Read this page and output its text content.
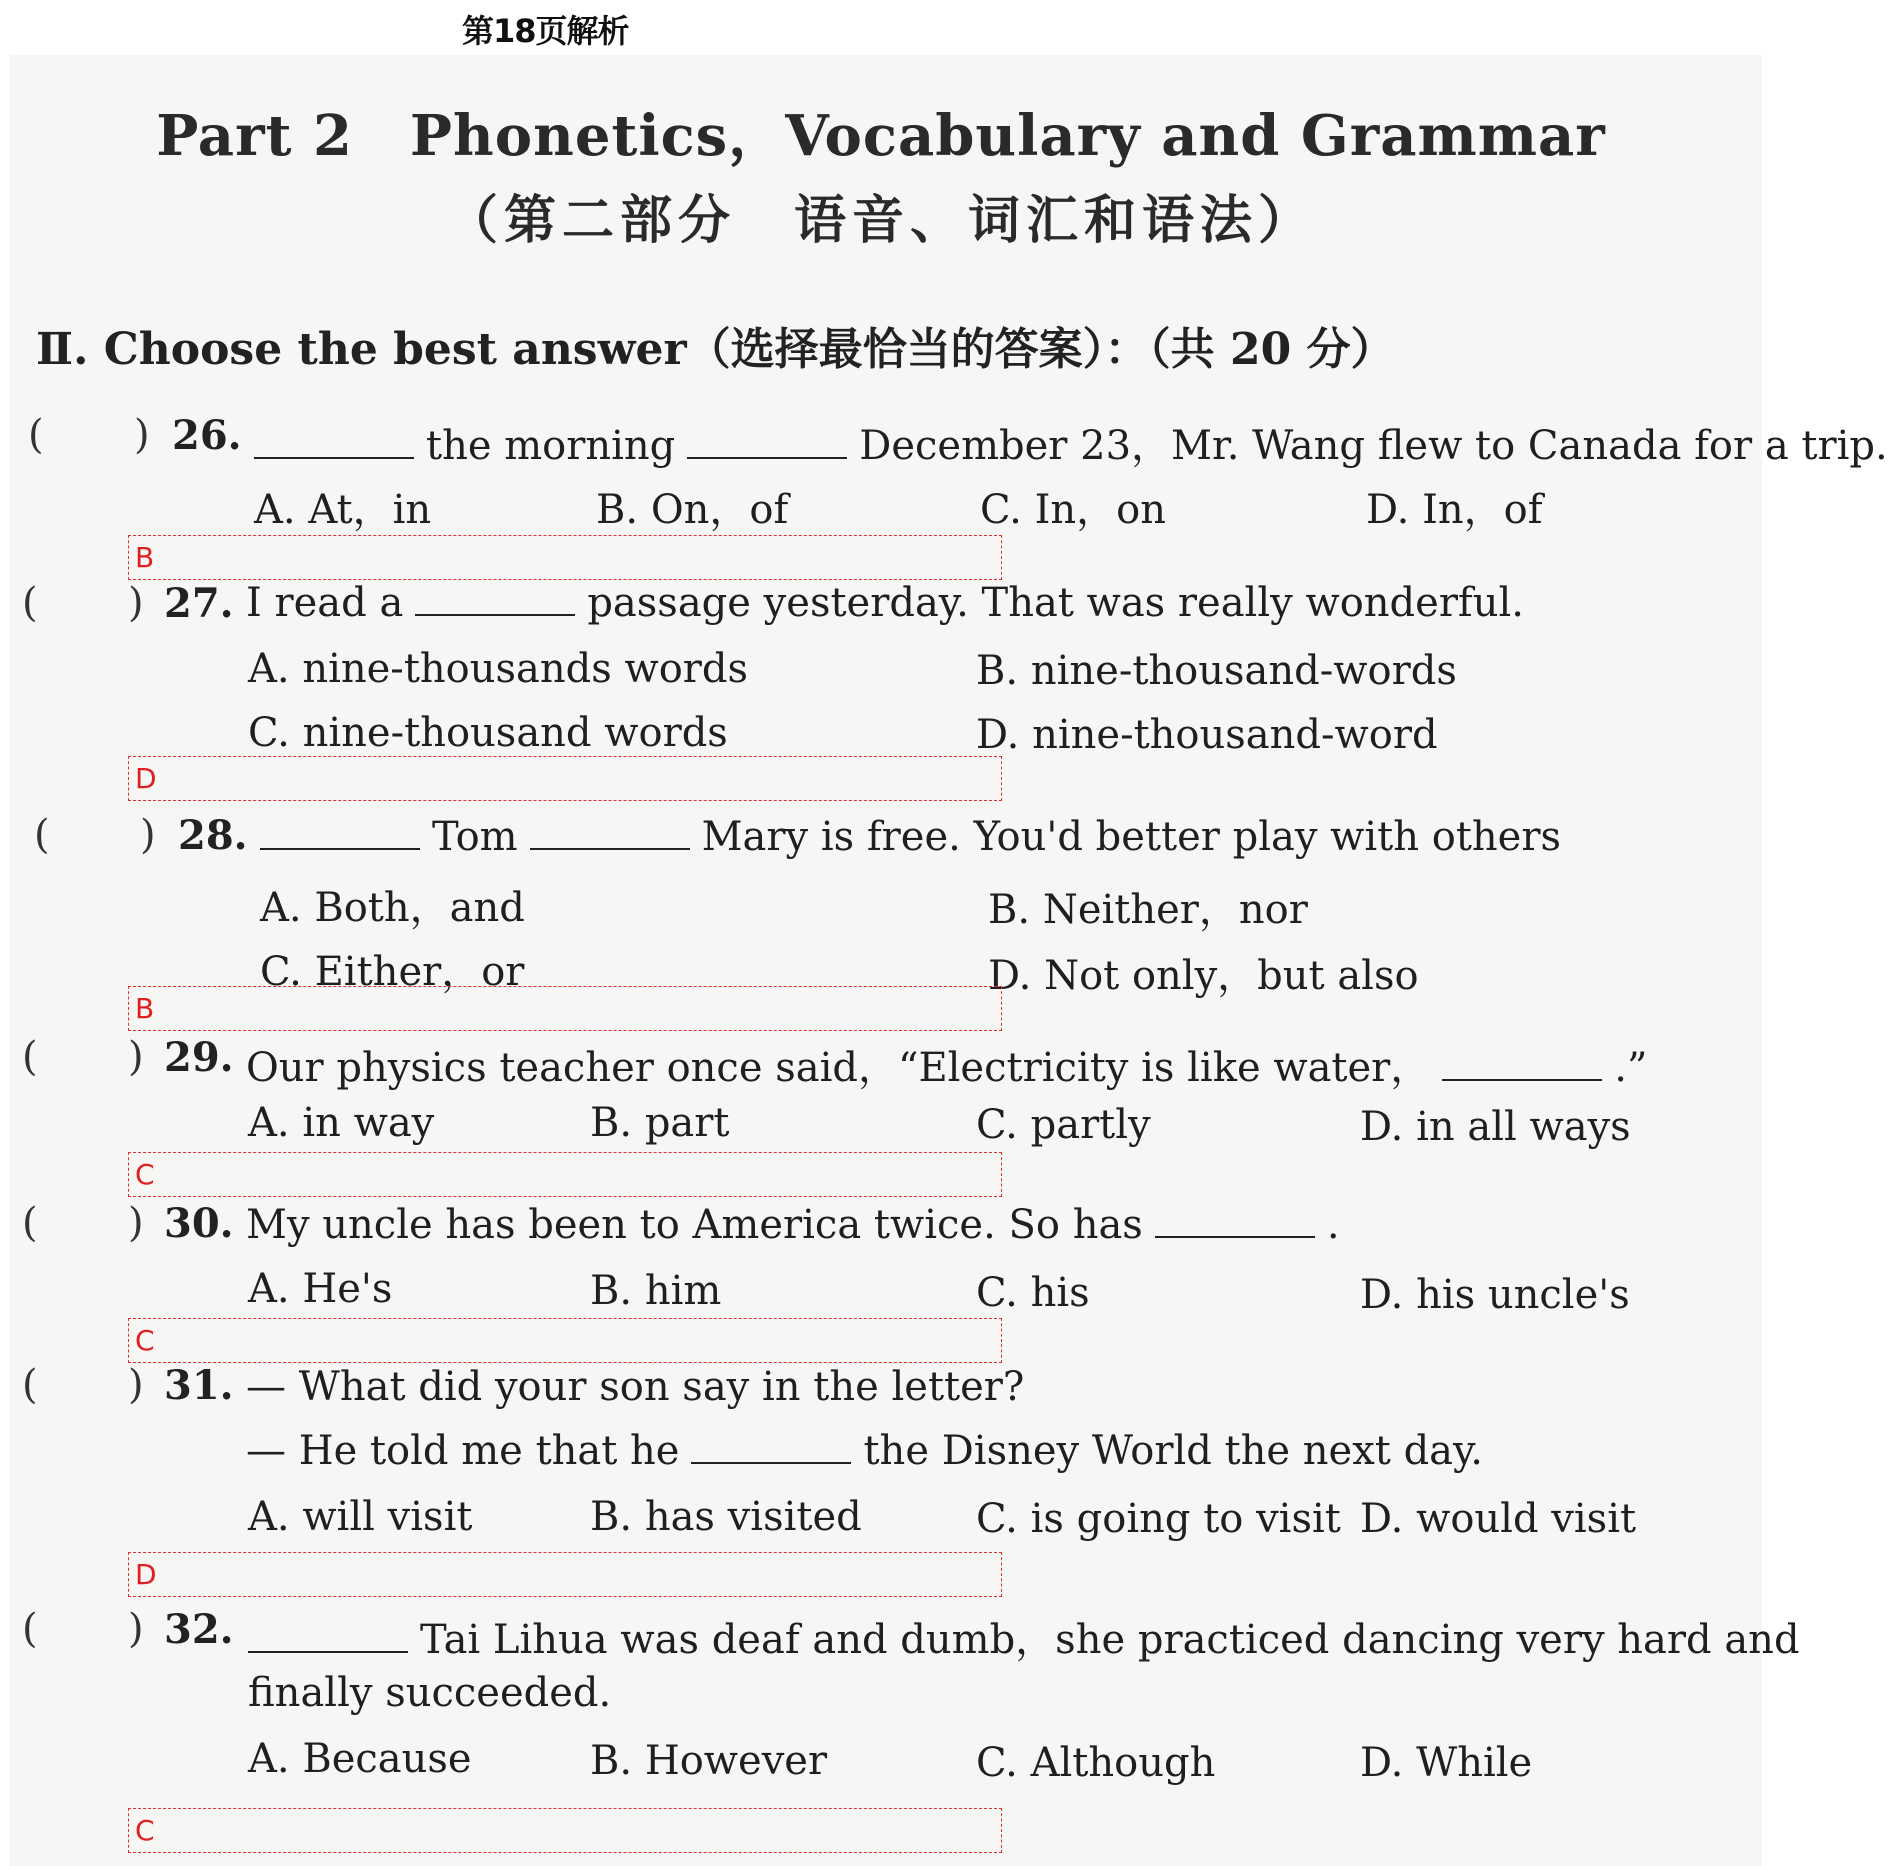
第18页解析
Part 2　Phonetics，Vocabulary and Grammar
（第二部分　语音、词汇和语法）
Ⅱ. Choose the best answer（选择最恰当的答案）：（共 20 分）
( ) 26.	the morning	December 23，Mr. Wang flew to Canada for a trip.
A. At，in	B. On，of	C. In，on	D. In，of
B
( ) 27. I read a	passage yesterday. That was really wonderful.
A. nine-thousands words	B. nine-thousand-words
C. nine-thousand words	D. nine-thousand-word
D
( ) 28.	Tom	Mary is free. You'd better play with others
A. Both，and	B. Neither，nor
C. Either，or	D. Not only，but also
B
( ) 29. Our physics teacher once said，“Electricity is like water，	.”
A. in way	B. part	C. partly	D. in all ways
C
( ) 30. My uncle has been to America twice. So has	.
A. He's	B. him	C. his	D. his uncle's
C
( ) 31. — What did your son say in the letter?
— He told me that he	the Disney World the next day.
A. will visit	B. has visited	C. is going to visit D. would visit
D
( ) 32.	Tai Lihua was deaf and dumb，she practiced dancing very hard and
finally succeeded.
A. Because	B. However	C. Although	D. While
C
